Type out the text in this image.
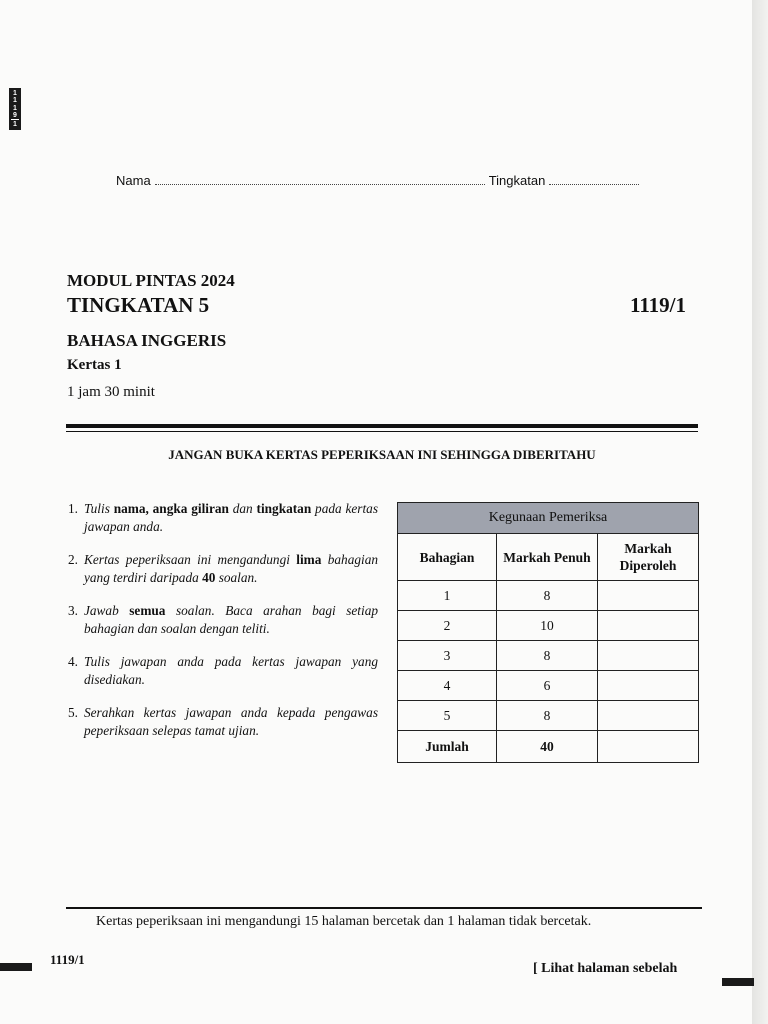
1
1
1
9
1
Nama	Tingkatan
MODUL PINTAS 2024
TINGKATAN 5	1119/1
BAHASA INGGERIS
Kertas 1
1 jam 30 minit
JANGAN BUKA KERTAS PEPERIKSAAN INI SEHINGGA DIBERITAHU
1. Tulis nama, angka giliran dan tingkatan pada kertas jawapan anda.
2. Kertas peperiksaan ini mengandungi lima bahagian yang terdiri daripada 40 soalan.
3. Jawab semua soalan. Baca arahan bagi setiap bahagian dan soalan dengan teliti.
4. Tulis jawapan anda pada kertas jawapan yang disediakan.
5. Serahkan kertas jawapan anda kepada pengawas peperiksaan selepas tamat ujian.
Kegunaan Pemeriksa		
Bahagian	Markah Penuh	Markah Diperoleh
1	8	
2	10	
3	8	
4	6	
5	8	
Jumlah	40	
Kertas peperiksaan ini mengandungi 15 halaman bercetak dan 1 halaman tidak bercetak.
1119/1
[ Lihat halaman sebelah
